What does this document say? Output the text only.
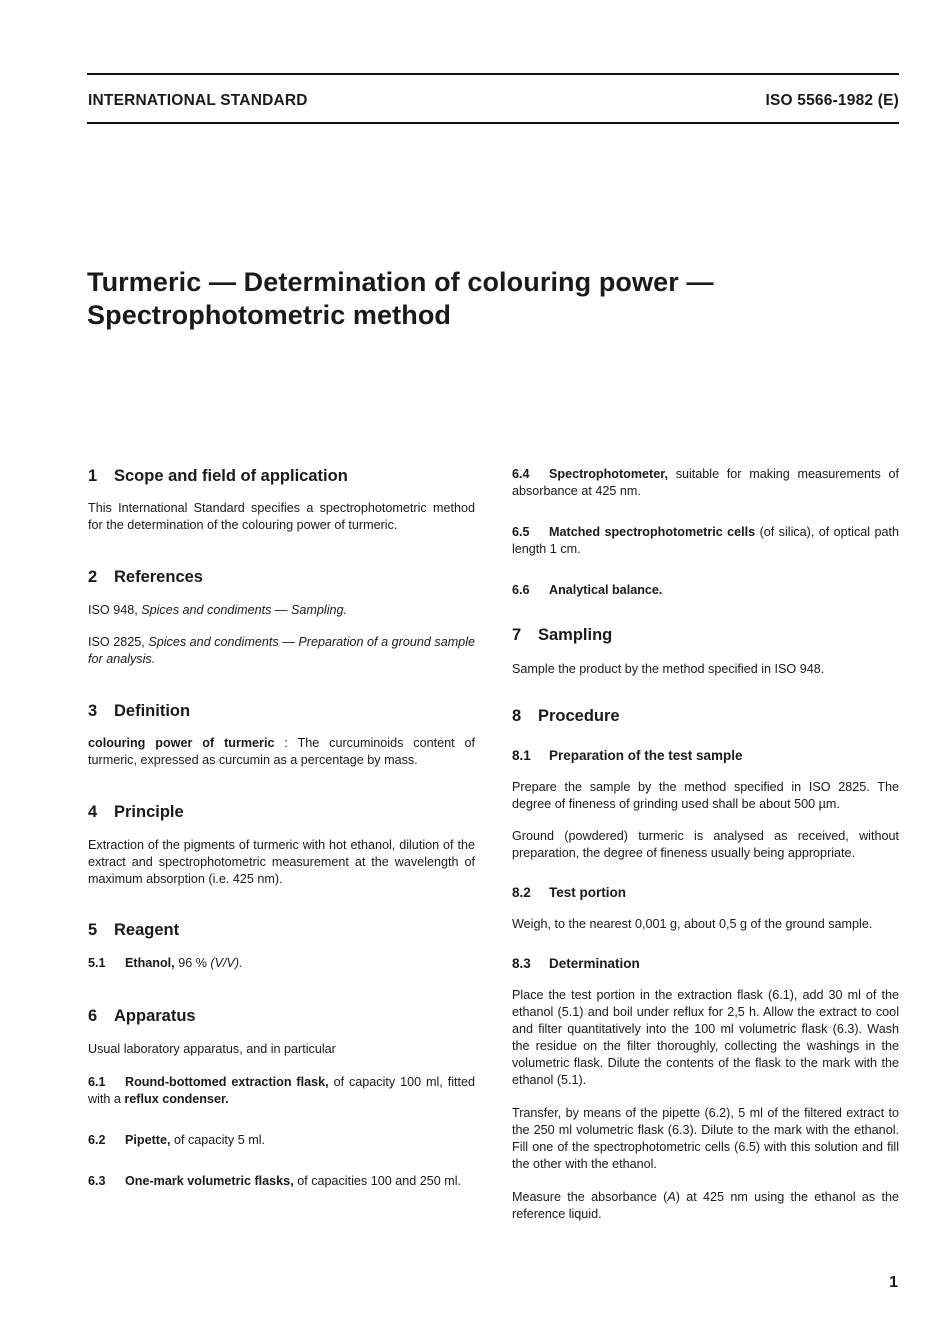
INTERNATIONAL STANDARD	ISO 5566-1982 (E)
Turmeric — Determination of colouring power —
Spectrophotometric method
1 Scope and field of application

This International Standard specifies a spectrophotometric method for the determination of the colouring power of turmeric.

2 References

ISO 948, Spices and condiments — Sampling.

ISO 2825, Spices and condiments — Preparation of a ground sample for analysis.

3 Definition

colouring power of turmeric : The curcuminoids content of turmeric, expressed as curcumin as a percentage by mass.

4 Principle

Extraction of the pigments of turmeric with hot ethanol, dilution of the extract and spectrophotometric measurement at the wavelength of maximum absorption (i.e. 425 nm).

5 Reagent

5.1 Ethanol, 96 % (V/V).

6 Apparatus

Usual laboratory apparatus, and in particular

6.1 Round-bottomed extraction flask, of capacity 100 ml, fitted with a reflux condenser.

6.2 Pipette, of capacity 5 ml.

6.3 One-mark volumetric flasks, of capacities 100 and 250 ml.

6.4 Spectrophotometer, suitable for making measurements of absorbance at 425 nm.

6.5 Matched spectrophotometric cells (of silica), of optical path length 1 cm.

6.6 Analytical balance.

7 Sampling

Sample the product by the method specified in ISO 948.

8 Procedure
8.1 Preparation of the test sample

Prepare the sample by the method specified in ISO 2825. The degree of fineness of grinding used shall be about 500 µm.

Ground (powdered) turmeric is analysed as received, without preparation, the degree of fineness usually being appropriate.

8.2 Test portion

Weigh, to the nearest 0,001 g, about 0,5 g of the ground sample.

8.3 Determination

Place the test portion in the extraction flask (6.1), add 30 ml of the ethanol (5.1) and boil under reflux for 2,5 h. Allow the extract to cool and filter quantitatively into the 100 ml volumetric flask (6.3). Wash the residue on the filter thoroughly, collecting the washings in the volumetric flask. Dilute the contents of the flask to the mark with the ethanol (5.1).

Transfer, by means of the pipette (6.2), 5 ml of the filtered extract to the 250 ml volumetric flask (6.3). Dilute to the mark with the ethanol. Fill one of the spectrophotometric cells (6.5) with this solution and fill the other with the ethanol.

Measure the absorbance (A) at 425 nm using the ethanol as the reference liquid.

1
